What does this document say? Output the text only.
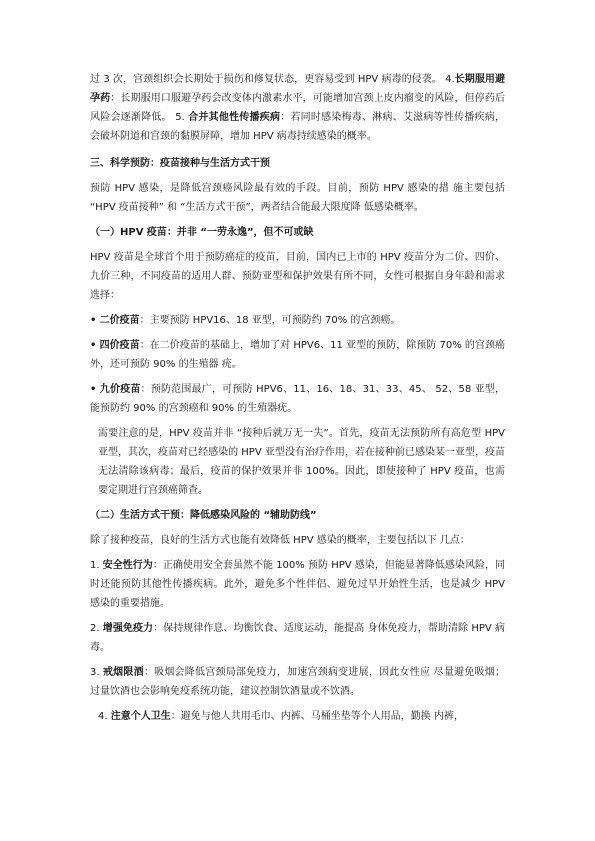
过 3 次，宫颈组织会长期处于损伤和修复状态，更容易受到 HPV 病毒的侵袭。 4.长期服用避孕药：长期服用口服避孕药会改变体内激素水平，可能增加宫颈上皮内瘤变的风险，但停药后风险会逐渐降低。 5. 合并其他性传播疾病：若同时感染梅毒、淋病、艾滋病等性传播疾病，会破坏阴道和宫颈的黏膜屏障，增加 HPV 病毒持续感染的概率。

三、科学预防：疫苗接种与生活方式干预

预防 HPV 感染，是降低宫颈癌风险最有效的手段。目前，预防 HPV 感染的措 施主要包括 “HPV 疫苗接种” 和 “生活方式干预”，两者结合能最大限度降 低感染概率。

（一）HPV 疫苗：并非 “一劳永逸”，但不可或缺

HPV 疫苗是全球首个用于预防癌症的疫苗，目前，国内已上市的 HPV 疫苗分为二价、四价、九价三种，不同疫苗的适用人群、预防亚型和保护效果有所不同，女性可根据自身年龄和需求选择：

• 二价疫苗：主要预防 HPV16、18 亚型，可预防约 70% 的宫颈癌。

• 四价疫苗：在二价疫苗的基础上，增加了对 HPV6、11 亚型的预防，除预防 70% 的宫颈癌外，还可预防 90% 的生殖器 疣。

• 九价疫苗：预防范围最广，可预防 HPV6、11、16、18、31、33、45、 52、58 亚型，能预防约 90% 的宫颈癌和 90% 的生殖器疣。

需要注意的是，HPV 疫苗并非 “接种后就万无一失”。首先，疫苗无法预防所有高危型 HPV 亚型，其次，疫苗对已经感染的 HPV 亚型没有治疗作用，若在接种前已感染某一亚型，疫苗无法清除该病毒；最后，疫苗的保护效果并非 100%。因此，即使接种了 HPV 疫苗，也需要定期进行宫颈癌筛查。

（二）生活方式干预：降低感染风险的 “辅助防线”

除了接种疫苗，良好的生活方式也能有效降低 HPV 感染的概率，主要包括以下 几点：

1. 安全性行为：正确使用安全套虽然不能 100% 预防 HPV 感染，但能显著降低感染风险，同时还能预防其他性传播疾病。此外，避免多个性伴侣、避免过早开始性生活，也是减少 HPV 感染的重要措施。

2. 增强免疫力：保持规律作息、均衡饮食、适度运动，能提高 身体免疫力，帮助清除 HPV 病毒。

3. 戒烟限酒：吸烟会降低宫颈局部免疫力，加速宫颈病变进展，因此女性应 尽量避免吸烟；过量饮酒也会影响免疫系统功能，建议控制饮酒量或不饮酒。

4. 注意个人卫生：避免与他人共用毛巾、内裤、马桶坐垫等个人用品，勤换 内裤，
